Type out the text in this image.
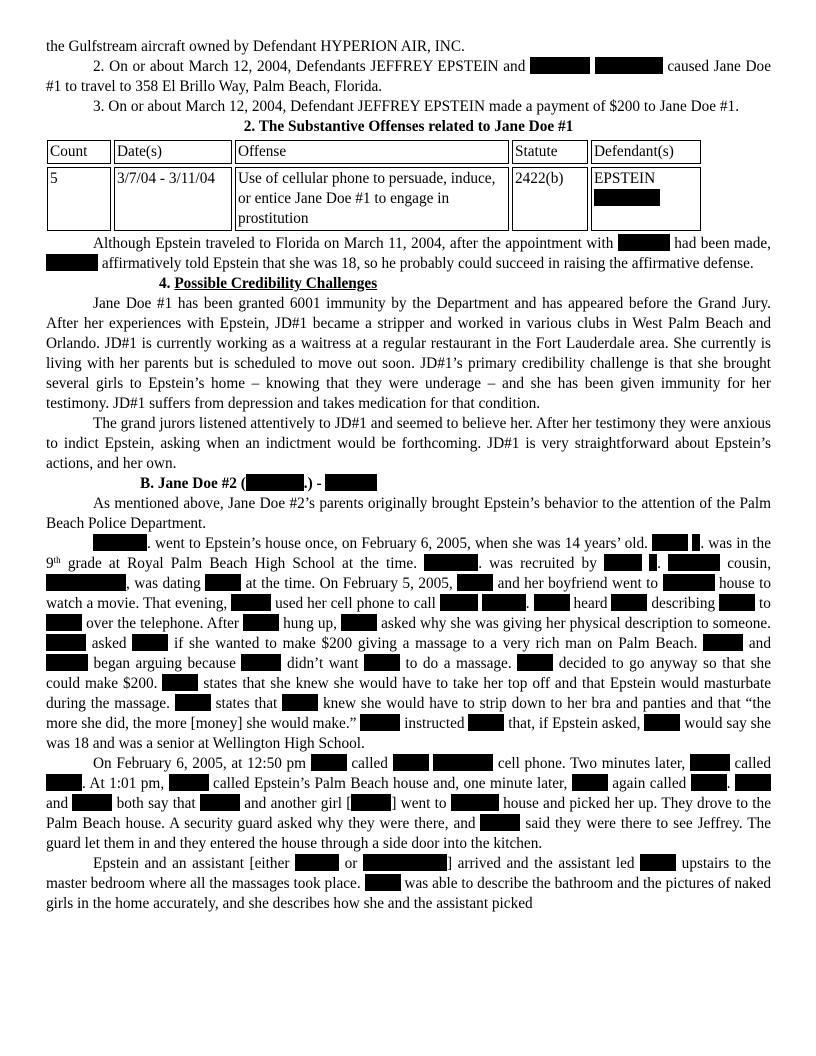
the Gulfstream aircraft owned by Defendant HYPERION AIR, INC.

2. On or about March 12, 2004, Defendants JEFFREY EPSTEIN and	caused Jane Doe #1 to travel to 358 El Brillo Way, Palm Beach, Florida.

3. On or about March 12, 2004, Defendant JEFFREY EPSTEIN made a payment of $200 to Jane Doe #1.

2. The Substantive Offenses related to Jane Doe #1

Count	Date(s)	Offense	Statute	Defendant(s)
5	3/7/04 - 3/11/04	Use of cellular phone to persuade, induce, or entice Jane Doe #1 to engage in prostitution	2422(b)	EPSTEIN

Although Epstein traveled to Florida on March 11, 2004, after the appointment with	had been made,  affirmatively told Epstein that she was 18, so he probably could succeed in raising the affirmative defense.

4. Possible Credibility Challenges

Jane Doe #1 has been granted 6001 immunity by the Department and has appeared before the Grand Jury. After her experiences with Epstein, JD#1 became a stripper and worked in various clubs in West Palm Beach and Orlando. JD#1 is currently working as a waitress at a regular restaurant in the Fort Lauderdale area. She currently is living with her parents but is scheduled to move out soon. JD#1’s primary credibility challenge is that she brought several girls to Epstein’s home – knowing that they were underage – and she has been given immunity for her testimony. JD#1 suffers from depression and takes medication for that condition.

The grand jurors listened attentively to JD#1 and seemed to believe her. After her testimony they were anxious to indict Epstein, asking when an indictment would be forthcoming. JD#1 is very straightforward about Epstein’s actions, and her own.

B. Jane Doe #2 (	.) -

As mentioned above, Jane Doe #2’s parents originally brought Epstein’s behavior to the attention of the Palm Beach Police Department.

. went to Epstein’s house once, on February 6, 2005, when she was 14 years’ old.	. was in the 9th grade at Royal Palm Beach High School at the time.	. was recruited by	.	cousin, , was dating	at the time. On February 5, 2005,	and her boyfriend went to	house to watch a movie. That evening,	used her cell phone to call	.	heard	describing	to  over the telephone. After	hung up,	asked why she was giving her physical description to someone.  asked	if she wanted to make $200 giving a massage to a very rich man on Palm Beach.	and  began arguing because	didn’t want	to do a massage.	decided to go anyway so that she could make $200.	states that she knew she would have to take her top off and that Epstein would masturbate during the massage.	states that	knew she would have to strip down to her bra and panties and that “the more she did, the more [money] she would make.”	instructed	that, if Epstein asked,	would say she was 18 and was a senior at Wellington High School.

On February 6, 2005, at 12:50 pm	called	cell phone. Two minutes later,	called . At 1:01 pm,	called Epstein’s Palm Beach house and, one minute later,	again called	.  and	both say that	and another girl [	] went to	house and picked her up. They drove to the Palm Beach house. A security guard asked why they were there, and	said they were there to see Jeffrey. The guard let them in and they entered the house through a side door into the kitchen.

Epstein and an assistant [either	or	] arrived and the assistant led	upstairs to the master bedroom where all the massages took place.	was able to describe the bathroom and the pictures of naked girls in the home accurately, and she describes how she and the assistant picked
